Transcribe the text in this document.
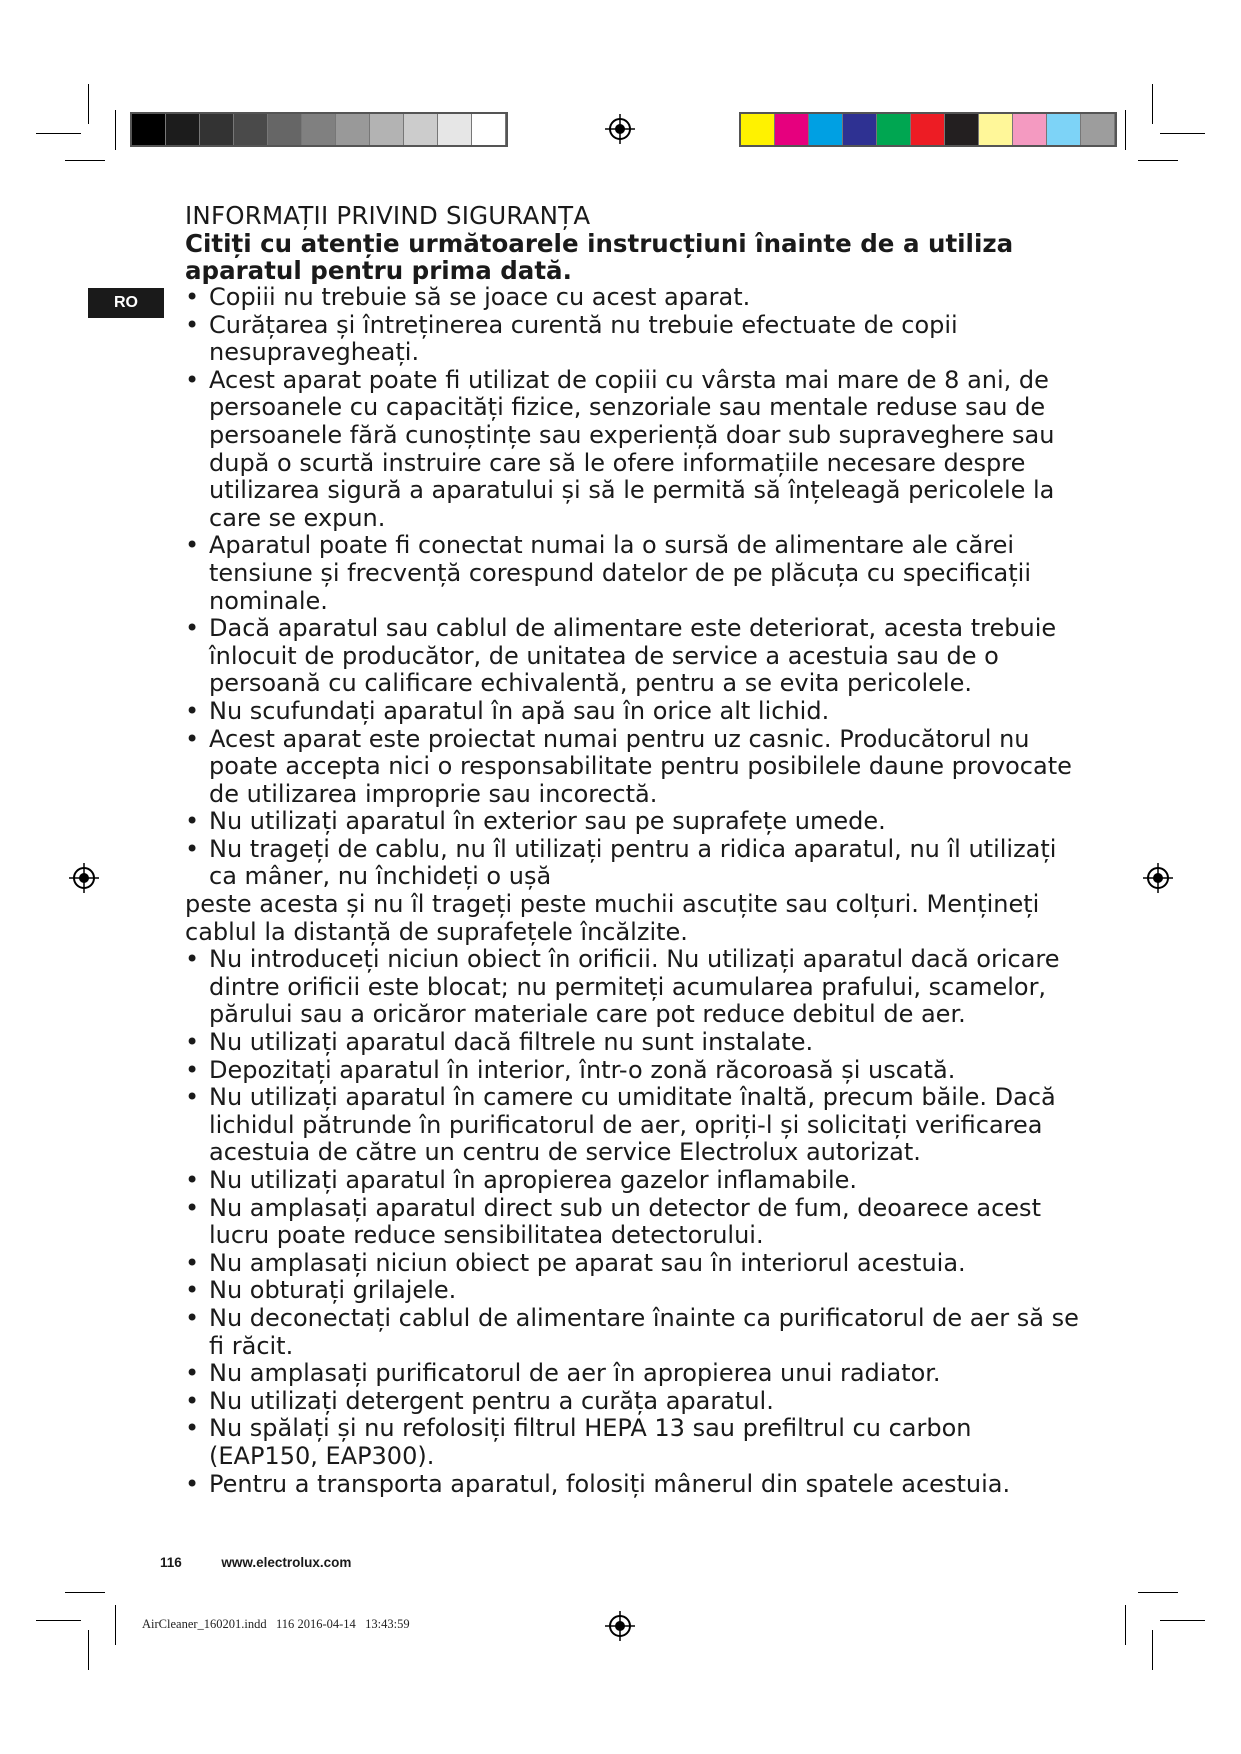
RO
INFORMAȚII PRIVIND SIGURANȚA

Citiți cu atenție următoarele instrucțiuni înainte de a utiliza aparatul pentru prima dată.

• Copiii nu trebuie să se joace cu acest aparat.
• Curățarea și întreținerea curentă nu trebuie efectuate de copii nesupravegheați.
• Acest aparat poate fi utilizat de copiii cu vârsta mai mare de 8 ani, de persoanele cu capacități fizice, senzoriale sau mentale reduse sau de persoanele fără cunoștințe sau experiență doar sub supraveghere sau după o scurtă instruire care să le ofere informațiile necesare despre utilizarea sigură a aparatului și să le permită să înțeleagă pericolele la care se expun.
• Aparatul poate fi conectat numai la o sursă de alimentare ale cărei tensiune și frecvență corespund datelor de pe plăcuța cu specificații nominale.
• Dacă aparatul sau cablul de alimentare este deteriorat, acesta trebuie înlocuit de producător, de unitatea de service a acestuia sau de o persoană cu calificare echivalentă, pentru a se evita pericolele.
• Nu scufundați aparatul în apă sau în orice alt lichid.
• Acest aparat este proiectat numai pentru uz casnic. Producătorul nu poate accepta nici o responsabilitate pentru posibilele daune provocate de utilizarea improprie sau incorectă.
• Nu utilizați aparatul în exterior sau pe suprafețe umede.
• Nu trageți de cablu, nu îl utilizați pentru a ridica aparatul, nu îl utilizați ca mâner, nu închideți o ușă
peste acesta și nu îl trageți peste muchii ascuțite sau colțuri. Mențineți cablul la distanță de suprafețele încălzite.
• Nu introduceți niciun obiect în orificii. Nu utilizați aparatul dacă oricare dintre orificii este blocat; nu permiteți acumularea prafului, scamelor, părului sau a oricăror materiale care pot reduce debitul de aer.
• Nu utilizați aparatul dacă filtrele nu sunt instalate.
• Depozitați aparatul în interior, într-o zonă răcoroasă și uscată.
• Nu utilizați aparatul în camere cu umiditate înaltă, precum băile. Dacă lichidul pătrunde în purificatorul de aer, opriți-l și solicitați verificarea acestuia de către un centru de service Electrolux autorizat.
• Nu utilizați aparatul în apropierea gazelor inflamabile.
• Nu amplasați aparatul direct sub un detector de fum, deoarece acest lucru poate reduce sensibilitatea detectorului.
• Nu amplasați niciun obiect pe aparat sau în interiorul acestuia.
• Nu obturați grilajele.
• Nu deconectați cablul de alimentare înainte ca purificatorul de aer să se fi răcit.
• Nu amplasați purificatorul de aer în apropierea unui radiator.
• Nu utilizați detergent pentru a curăța aparatul.
• Nu spălați și nu refolosiți filtrul HEPA 13 sau prefiltrul cu carbon (EAP150, EAP300).
• Pentru a transporta aparatul, folosiți mânerul din spatele acestuia.
116	www.electrolux.com
AirCleaner_160201.indd 116 2016-04-14 13:43:59
